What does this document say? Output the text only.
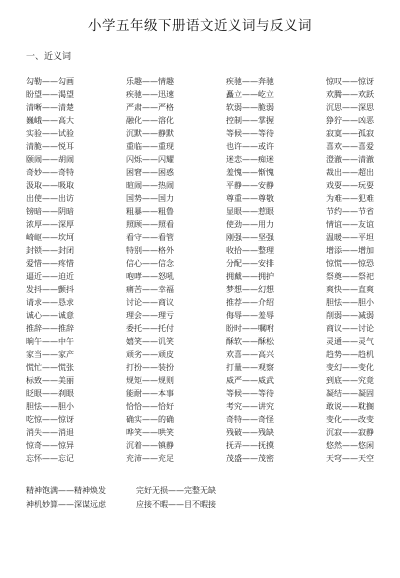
小学五年级下册语文近义词与反义词
一、近义词
勾勒——勾画	乐趣——情趣	疾驰——奔驰	惊叹——惊讶
盼望——渴望	疾驰——迅速	矗立——屹立	欢腾——欢跃
清晰——清楚	严肃——严格	软弱——脆弱	沉思——深思
巍峨——高大	融化——溶化	控制——掌握	狰狞——凶恶
实验——试验	沉默——静默	等候——等待	寂寞——孤寂
清脆——悦耳	重临——重现	也许——或许	喜欢——喜爱
颐闹——胡闹	闪烁——闪耀	迷恋——痴迷	澄澈——清澈
奇妙——奇特	困窘——困惑	羞愧——惭愧	裁出——超出
汲取——吸取	暄闹——热闹	平静——安静	戏耍——玩耍
出使——出访	国势——国力	尊重——尊敬	为难——犯难
镑暗——阴暗	粗暴——粗鲁	显眼——惹眼	节约——节省
浓厚——深厚	照顾——照看	使劲——用力	情谊——友谊
崎岖——坎坷	看守——看管	刚强——坚强	温暖——平坦
封锁——封闭	特别——格外	收拾——整理	增添——增加
爱惜——疼惜	信心——信念	分配——安排	惊慌——惊恐
逼近——迫近	咆哮——怒吼	拥戴——拥护	祭奠——祭祀
发抖——颤抖	痛苦——幸福	梦想——幻想	爽快——直爽
请求——恳求	讨论——商议	推荐——介绍	胆怯——胆小
诚心——诚意	理会——理亏	侮辱——羞辱	削弱——减弱
推辞——推辞	委托——托付	盼时——嘱咐	商议——讨论
晌午——中午	嬉笑——讥笑	酥软——酥松	灵通——灵气
家当——家产	顽劣——顽皮	欢喜——高兴	趋势——趋机
慌忙——慌张	打扮——装扮	打量——观察	变幻——变化
标致——美丽	规矩——规则	威严——威武	到底——究竟
眨眼——刹眼	能耐——本事	等候——等待	凝结——凝固
胆怯——胆小	恰恰——恰好	考究——讲究	敢说——耽搁
吃惊——惊讶	确实——的确	奇特——奇怪	变化——改变
消失——消退	哗笑——哄笑	残破——残缺	沉寂——寂静
惊奇——惊异	沉着——镇静	抚弄——抚摸	悠然——悠闲
忘怀——忘记	充沛——充足	茂盛——茂密	天穹——天空
精神饱满——精神焕发	完好无损——完整无缺
神机妙算——深谋远虑	应接不暇——目不暇接
